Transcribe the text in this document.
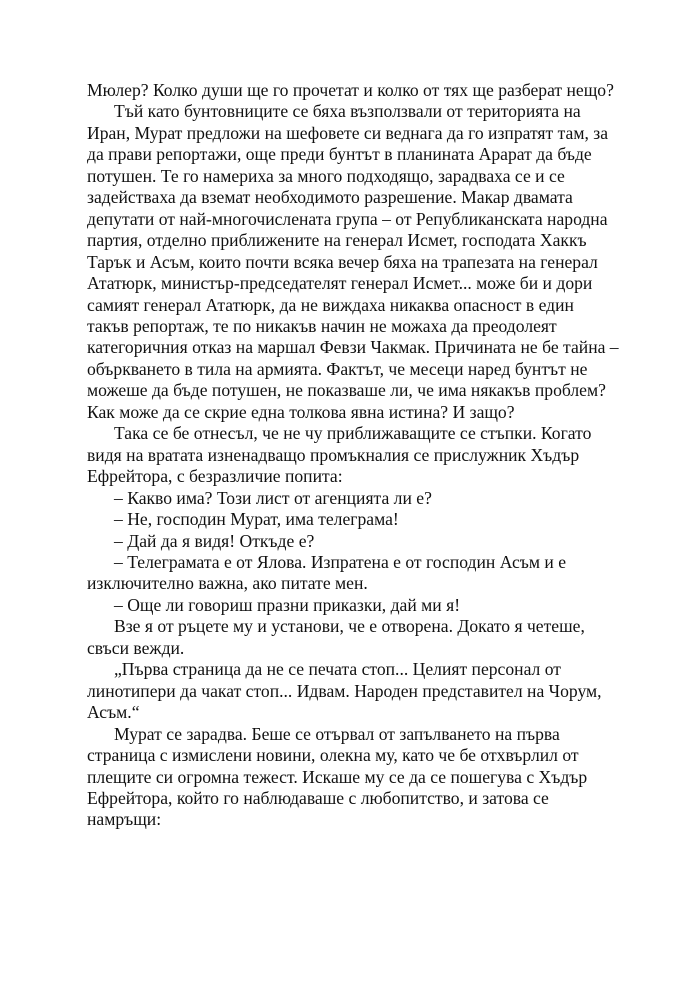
Мюлер? Колко души ще го прочетат и колко от тях ще разберат нещо?

Тъй като бунтовниците се бяха възползвали от територията на Иран, Мурат предложи на шефовете си веднага да го изпратят там, за да прави репортажи, още преди бунтът в планината Арарат да бъде потушен. Те го намериха за много подходящо, зарадваха се и се задействаха да вземат необходимото разрешение. Макар двамата депутати от най-многочислената група – от Републиканската народна партия, отделно приближените на генерал Исмет, господата Хаккъ Тарък и Асъм, които почти всяка вечер бяха на трапезата на генерал Ататюрк, министър-председателят генерал Исмет... може би и дори самият генерал Ататюрк, да не виждаха никаква опасност в един такъв репортаж, те по никакъв начин не можаха да преодолеят категоричния отказ на маршал Февзи Чакмак. Причината не бе тайна – объркването в тила на армията. Фактът, че месеци наред бунтът не можеше да бъде потушен, не показваше ли, че има някакъв проблем? Как може да се скрие една толкова явна истина? И защо?

Така се бе отнесъл, че не чу приближаващите се стъпки. Когато видя на вратата изненадващо промъкналия се прислужник Хъдър Ефрейтора, с безразличие попита:

– Какво има? Този лист от агенцията ли е?

– Не, господин Мурат, има телеграма!

– Дай да я видя! Откъде е?

– Телеграмата е от Ялова. Изпратена е от господин Асъм и е изключително важна, ако питате мен.

– Още ли говориш празни приказки, дай ми я!

Взе я от ръцете му и установи, че е отворена. Докато я четеше, свъси вежди.

„Първа страница да не се печата стоп... Целият персонал от линотипери да чакат стоп... Идвам. Народен представител на Чорум, Асъм.“

Мурат се зарадва. Беше се отървал от запълването на първа страница с измислени новини, олекна му, като че бе отхвърлил от плещите си огромна тежест. Искаше му се да се пошегува с Хъдър Ефрейтора, който го наблюдаваше с любопитство, и затова се намръщи:
